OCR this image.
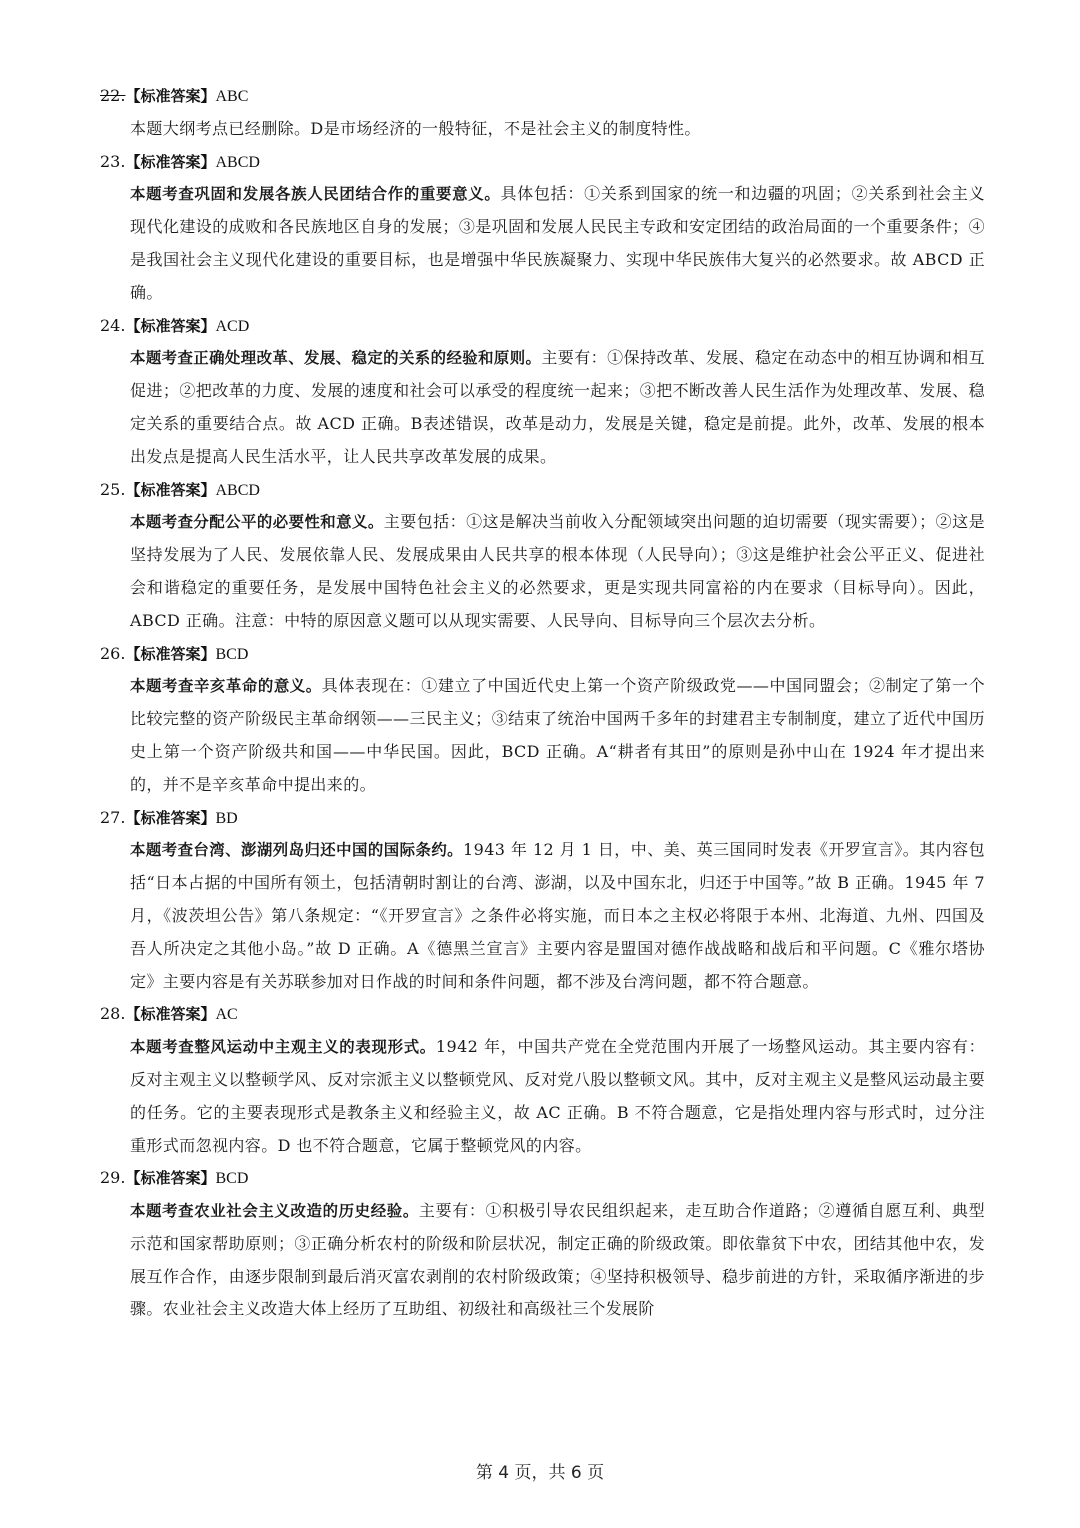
22.【标准答案】ABC
本题大纲考点已经删除。D是市场经济的一般特征，不是社会主义的制度特性。
23.【标准答案】ABCD
本题考查巩固和发展各族人民团结合作的重要意义。具体包括：①关系到国家的统一和边疆的巩固；②关系到社会主义现代化建设的成败和各民族地区自身的发展；③是巩固和发展人民民主专政和安定团结的政治局面的一个重要条件；④是我国社会主义现代化建设的重要目标，也是增强中华民族凝聚力、实现中华民族伟大复兴的必然要求。故 ABCD 正确。
24.【标准答案】ACD
本题考查正确处理改革、发展、稳定的关系的经验和原则。主要有：①保持改革、发展、稳定在动态中的相互协调和相互促进；②把改革的力度、发展的速度和社会可以承受的程度统一起来；③把不断改善人民生活作为处理改革、发展、稳定关系的重要结合点。故 ACD 正确。B表述错误，改革是动力，发展是关键，稳定是前提。此外，改革、发展的根本出发点是提高人民生活水平，让人民共享改革发展的成果。
25.【标准答案】ABCD
本题考查分配公平的必要性和意义。主要包括：①这是解决当前收入分配领域突出问题的迫切需要（现实需要）；②这是坚持发展为了人民、发展依靠人民、发展成果由人民共享的根本体现（人民导向）；③这是维护社会公平正义、促进社会和谐稳定的重要任务，是发展中国特色社会主义的必然要求，更是实现共同富裕的内在要求（目标导向）。因此，ABCD 正确。注意：中特的原因意义题可以从现实需要、人民导向、目标导向三个层次去分析。
26.【标准答案】BCD
本题考查辛亥革命的意义。具体表现在：①建立了中国近代史上第一个资产阶级政党——中国同盟会；②制定了第一个比较完整的资产阶级民主革命纲领——三民主义；③结束了统治中国两千多年的封建君主专制制度，建立了近代中国历史上第一个资产阶级共和国——中华民国。因此，BCD 正确。A“耕者有其田”的原则是孙中山在 1924 年才提出来的，并不是辛亥革命中提出来的。
27.【标准答案】BD
本题考查台湾、澎湖列岛归还中国的国际条约。1943 年 12 月 1 日，中、美、英三国同时发表《开罗宣言》。其内容包括“日本占据的中国所有领土，包括清朝时割让的台湾、澎湖，以及中国东北，归还于中国等。”故 B 正确。1945 年 7 月，《波茨坦公告》第八条规定：“《开罗宣言》之条件必将实施，而日本之主权必将限于本州、北海道、九州、四国及吾人所决定之其他小岛。”故 D 正确。A《德黑兰宣言》主要内容是盟国对德作战战略和战后和平问题。C《雅尔塔协定》主要内容是有关苏联参加对日作战的时间和条件问题，都不涉及台湾问题，都不符合题意。
28.【标准答案】AC
本题考查整风运动中主观主义的表现形式。1942 年，中国共产党在全党范围内开展了一场整风运动。其主要内容有：反对主观主义以整顿学风、反对宗派主义以整顿党风、反对党八股以整顿文风。其中，反对主观主义是整风运动最主要的任务。它的主要表现形式是教条主义和经验主义，故 AC 正确。B 不符合题意，它是指处理内容与形式时，过分注重形式而忽视内容。D 也不符合题意，它属于整顿党风的内容。
29.【标准答案】BCD
本题考查农业社会主义改造的历史经验。主要有：①积极引导农民组织起来，走互助合作道路；②遵循自愿互利、典型示范和国家帮助原则；③正确分析农村的阶级和阶层状况，制定正确的阶级政策。即依靠贫下中农，团结其他中农，发展互作合作，由逐步限制到最后消灭富农剥削的农村阶级政策；④坚持积极领导、稳步前进的方针，采取循序渐进的步骤。农业社会主义改造大体上经历了互助组、初级社和高级社三个发展阶
第 4 页，共 6 页
